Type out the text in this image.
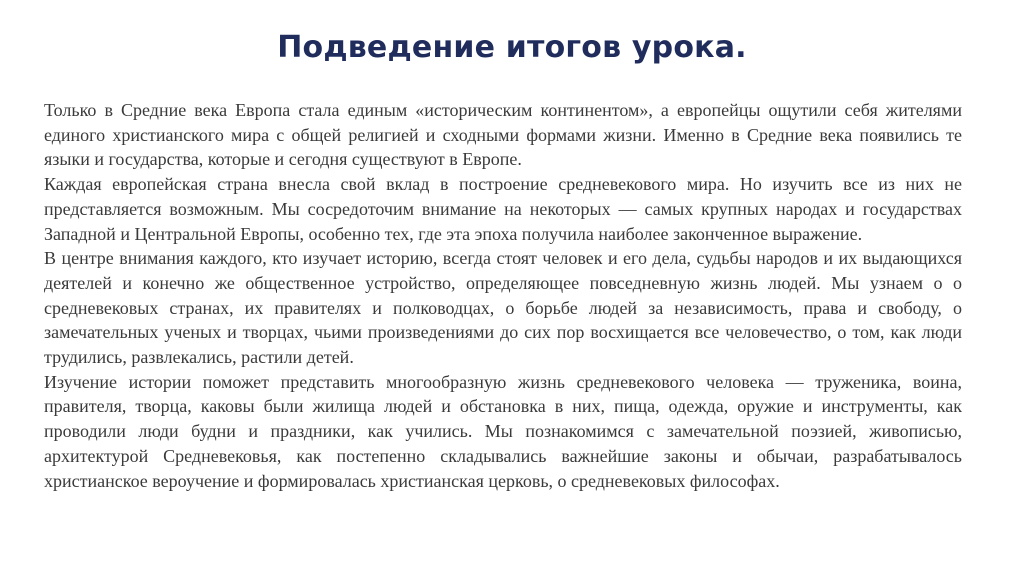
Подведение итогов урока.

Только в Средние века Европа стала единым «историческим континентом», а европейцы ощутили себя жителями единого христианского мира с общей религией и сходными формами жизни. Именно в Средние века появились те языки и государства, которые и сегодня существуют в Европе.

Каждая европейская страна внесла свой вклад в построение средневекового мира. Но изучить все из них не представляется возможным. Мы сосредоточим внимание на некоторых — самых крупных народах и государствах Западной и Центральной Европы, особенно тех, где эта эпоха получила наиболее законченное выражение.

В центре внимания каждого, кто изучает историю, всегда стоят человек и его дела, судьбы народов и их выдающихся деятелей и конечно же общественное устройство, определяющее повседневную жизнь людей. Мы узнаем о о средневековых странах, их правителях и полководцах, о борьбе людей за независимость, права и свободу, о замечательных ученых и творцах, чьими произведениями до сих пор восхищается все человечество, о том, как люди трудились, развлекались, растили детей.

Изучение истории поможет представить многообразную жизнь средневекового человека — труженика, воина, правителя, творца, каковы были жилища людей и обстановка в них, пища, одежда, оружие и инструменты, как проводили люди будни и праздники, как учились. Мы познакомимся с замечательной поэзией, живописью, архитектурой Средневековья, как постепенно складывались важнейшие законы и обычаи, разрабатывалось христианское вероучение и формировалась христианская церковь, о средневековых философах.
